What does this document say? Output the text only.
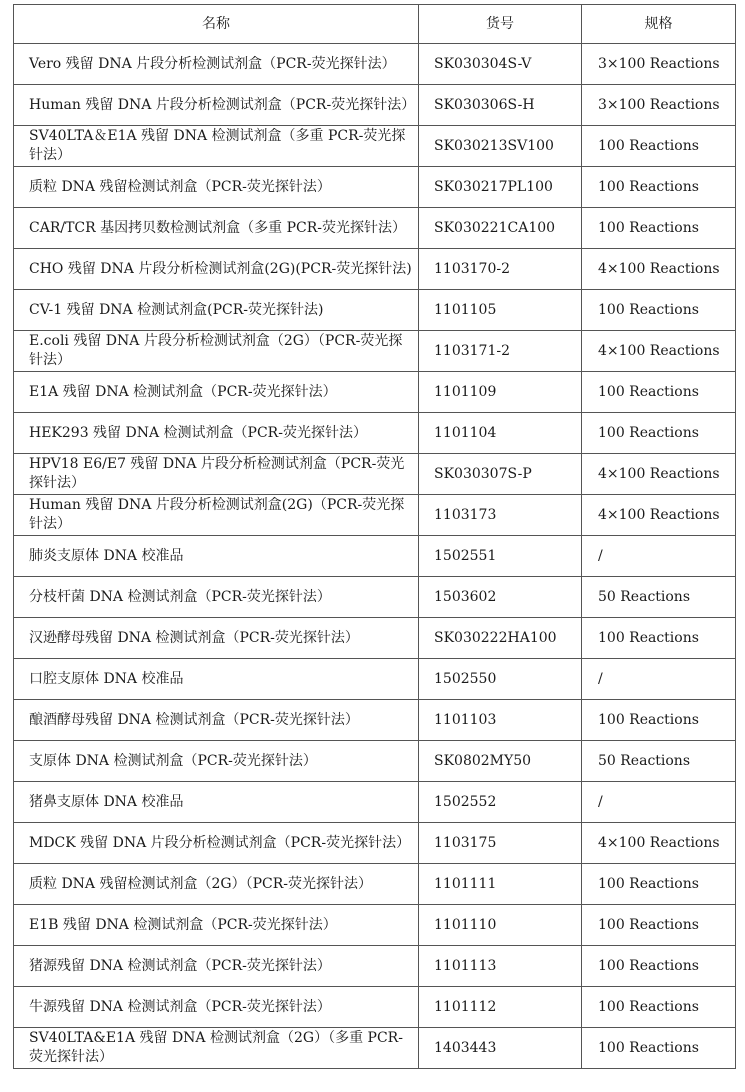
名称	货号	规格
Vero 残留 DNA 片段分析检测试剂盒（PCR-荧光探针法）	SK030304S-V	3×100 Reactions
Human 残留 DNA 片段分析检测试剂盒（PCR-荧光探针法）	SK030306S-H	3×100 Reactions
SV40LTA＆E1A 残留 DNA 检测试剂盒（多重 PCR-荧光探针法）	SK030213SV100	100 Reactions
质粒 DNA 残留检测试剂盒（PCR-荧光探针法）	SK030217PL100	100 Reactions
CAR/TCR 基因拷贝数检测试剂盒（多重 PCR-荧光探针法）	SK030221CA100	100 Reactions
CHO 残留 DNA 片段分析检测试剂盒(2G)(PCR-荧光探针法)	1103170-2	4×100 Reactions
CV-1 残留 DNA 检测试剂盒(PCR-荧光探针法)	1101105	100 Reactions
E.coli 残留 DNA 片段分析检测试剂盒（2G）（PCR-荧光探针法）	1103171-2	4×100 Reactions
E1A 残留 DNA 检测试剂盒（PCR-荧光探针法）	1101109	100 Reactions
HEK293 残留 DNA 检测试剂盒（PCR-荧光探针法）	1101104	100 Reactions
HPV18 E6/E7 残留 DNA 片段分析检测试剂盒（PCR-荧光探针法）	SK030307S-P	4×100 Reactions
Human 残留 DNA 片段分析检测试剂盒(2G)（PCR-荧光探针法）	1103173	4×100 Reactions
肺炎支原体 DNA 校准品	1502551	/
分枝杆菌 DNA 检测试剂盒（PCR-荧光探针法）	1503602	50 Reactions
汉逊酵母残留 DNA 检测试剂盒（PCR-荧光探针法）	SK030222HA100	100 Reactions
口腔支原体 DNA 校准品	1502550	/
酿酒酵母残留 DNA 检测试剂盒（PCR-荧光探针法）	1101103	100 Reactions
支原体 DNA 检测试剂盒（PCR-荧光探针法）	SK0802MY50	50 Reactions
猪鼻支原体 DNA 校准品	1502552	/
MDCK 残留 DNA 片段分析检测试剂盒（PCR-荧光探针法）	1103175	4×100 Reactions
质粒 DNA 残留检测试剂盒（2G）（PCR-荧光探针法）	1101111	100 Reactions
E1B 残留 DNA 检测试剂盒（PCR-荧光探针法）	1101110	100 Reactions
猪源残留 DNA 检测试剂盒（PCR-荧光探针法）	1101113	100 Reactions
牛源残留 DNA 检测试剂盒（PCR-荧光探针法）	1101112	100 Reactions
SV40LTA&E1A 残留 DNA 检测试剂盒（2G）（多重 PCR-荧光探针法）	1403443	100 Reactions
